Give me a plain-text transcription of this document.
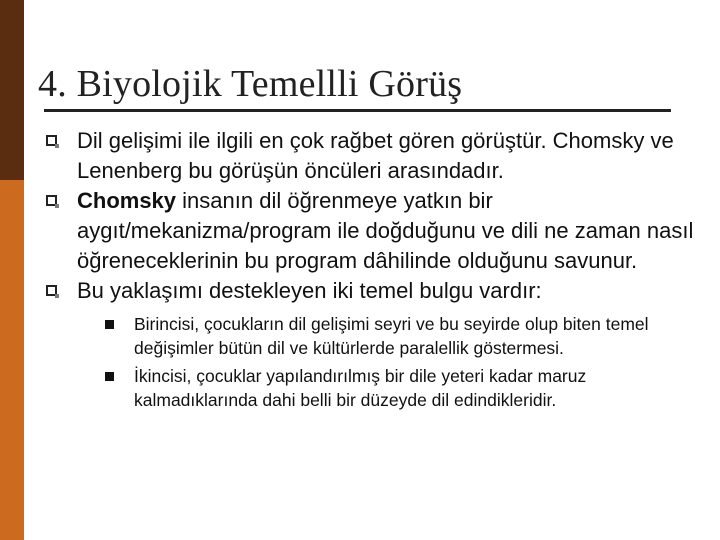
4. Biyolojik Temellli Görüş
Dil gelişimi ile ilgili en çok rağbet gören görüştür. Chomsky ve Lenenberg bu görüşün öncüleri arasındadır.
Chomsky insanın dil öğrenmeye yatkın bir aygıt/mekanizma/program ile doğduğunu ve dili ne zaman nasıl öğreneceklerinin bu program dâhilinde olduğunu savunur.
Bu yaklaşımı destekleyen iki temel bulgu vardır:
Birincisi, çocukların dil gelişimi seyri ve bu seyirde olup biten temel değişimler bütün dil ve kültürlerde paralellik göstermesi.
İkincisi, çocuklar yapılandırılmış bir dile yeteri kadar maruz kalmadıklarında dahi belli bir düzeyde dil edindikleridir.
